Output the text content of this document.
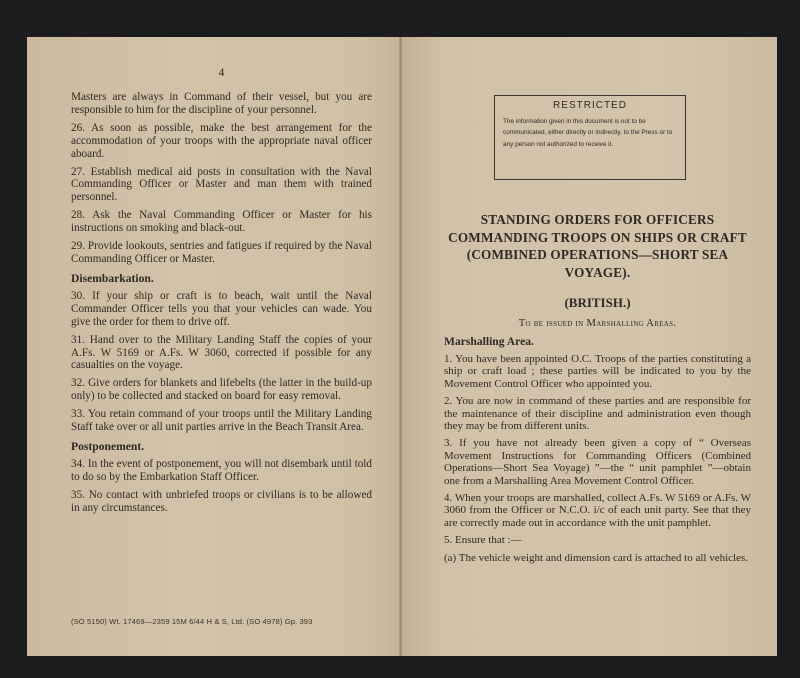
4

Masters are always in Command of their vessel, but you are responsible to him for the discipline of your personnel.

26. As soon as possible, make the best arrangement for the accommodation of your troops with the appropriate naval officer aboard.

27. Establish medical aid posts in consultation with the Naval Commanding Officer or Master and man them with trained personnel.

28. Ask the Naval Commanding Officer or Master for his instructions on smoking and black-out.

29. Provide lookouts, sentries and fatigues if required by the Naval Commanding Officer or Master.

Disembarkation.

30. If your ship or craft is to beach, wait until the Naval Commander Officer tells you that your vehicles can wade. You give the order for them to drive off.

31. Hand over to the Military Landing Staff the copies of your A.Fs. W 5169 or A.Fs. W 3060, corrected if possible for any casualties on the voyage.

32. Give orders for blankets and lifebelts (the latter in the build-up only) to be collected and stacked on board for easy removal.

33. You retain command of your troops until the Military Landing Staff take over or all unit parties arrive in the Beach Transit Area.

Postponement.

34. In the event of postponement, you will not disembark until told to do so by the Embarkation Staff Officer.

35. No contact with unbriefed troops or civilians is to be allowed in any circumstances.

(SO 5150) Wt. 17469—2359 15M 6/44 H & S, Ltd. (SO 4978) Gp. 393
RESTRICTED
The information given in this document is not to be communicated, either directly or indirectly, to the Press or to any person not authorized to receive it.
STANDING ORDERS FOR OFFICERS COMMANDING TROOPS ON SHIPS OR CRAFT (COMBINED OPERATIONS—SHORT SEA VOYAGE).
(BRITISH.)
To be issued in Marshalling Areas.
Marshalling Area.

1. You have been appointed O.C. Troops of the parties constituting a ship or craft load ; these parties will be indicated to you by the Movement Control Officer who appointed you.

2. You are now in command of these parties and are responsible for the maintenance of their discipline and administration even though they may be from different units.

3. If you have not already been given a copy of “ Overseas Movement Instructions for Commanding Officers (Combined Operations—Short Sea Voyage) ”—the “ unit pamphlet ”—obtain one from a Marshalling Area Movement Control Officer.

4. When your troops are marshalled, collect A.Fs. W 5169 or A.Fs. W 3060 from the Officer or N.C.O. i/c of each unit party. See that they are correctly made out in accordance with the unit pamphlet.

5. Ensure that :—

(a) The vehicle weight and dimension card is attached to all vehicles.
